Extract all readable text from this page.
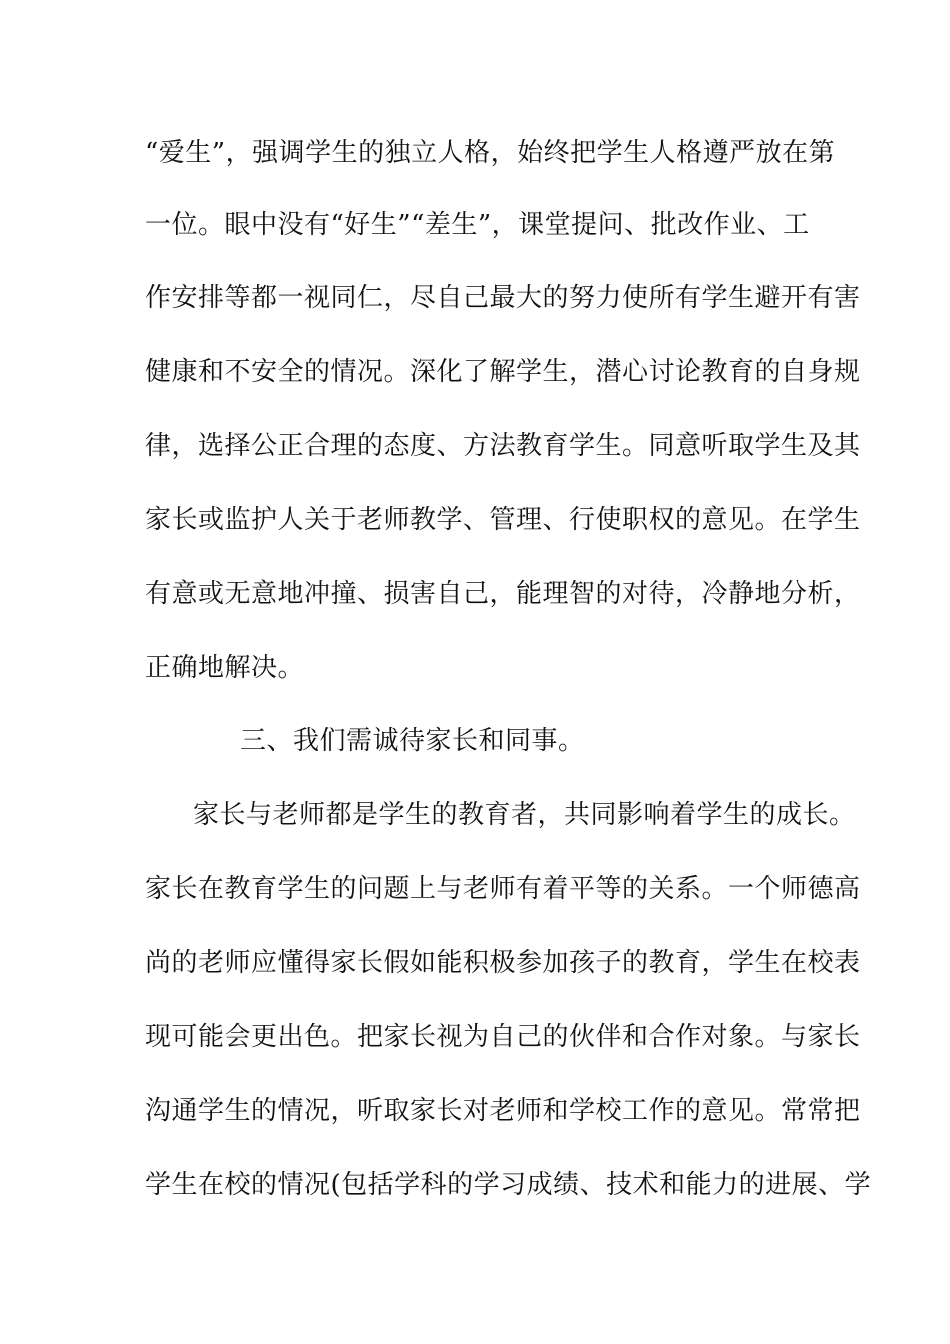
“爱生”，强调学生的独立人格，始终把学生人格遵严放在第

一位。眼中没有“好生”“差生”，课堂提问、批改作业、工

作安排等都一视同仁，尽自己最大的努力使所有学生避开有害

健康和不安全的情况。深化了解学生，潜心讨论教育的自身规

律，选择公正合理的态度、方法教育学生。同意听取学生及其

家长或监护人关于老师教学、管理、行使职权的意见。在学生

有意或无意地冲撞、损害自己，能理智的对待，冷静地分析，

正确地解决。

三、我们需诚待家长和同事。

家长与老师都是学生的教育者，共同影响着学生的成长。

家长在教育学生的问题上与老师有着平等的关系。一个师德高

尚的老师应懂得家长假如能积极参加孩子的教育，学生在校表

现可能会更出色。把家长视为自己的伙伴和合作对象。与家长

沟通学生的情况，听取家长对老师和学校工作的意见。常常把

学生在校的情况(包括学科的学习成绩、技术和能力的进展、学
